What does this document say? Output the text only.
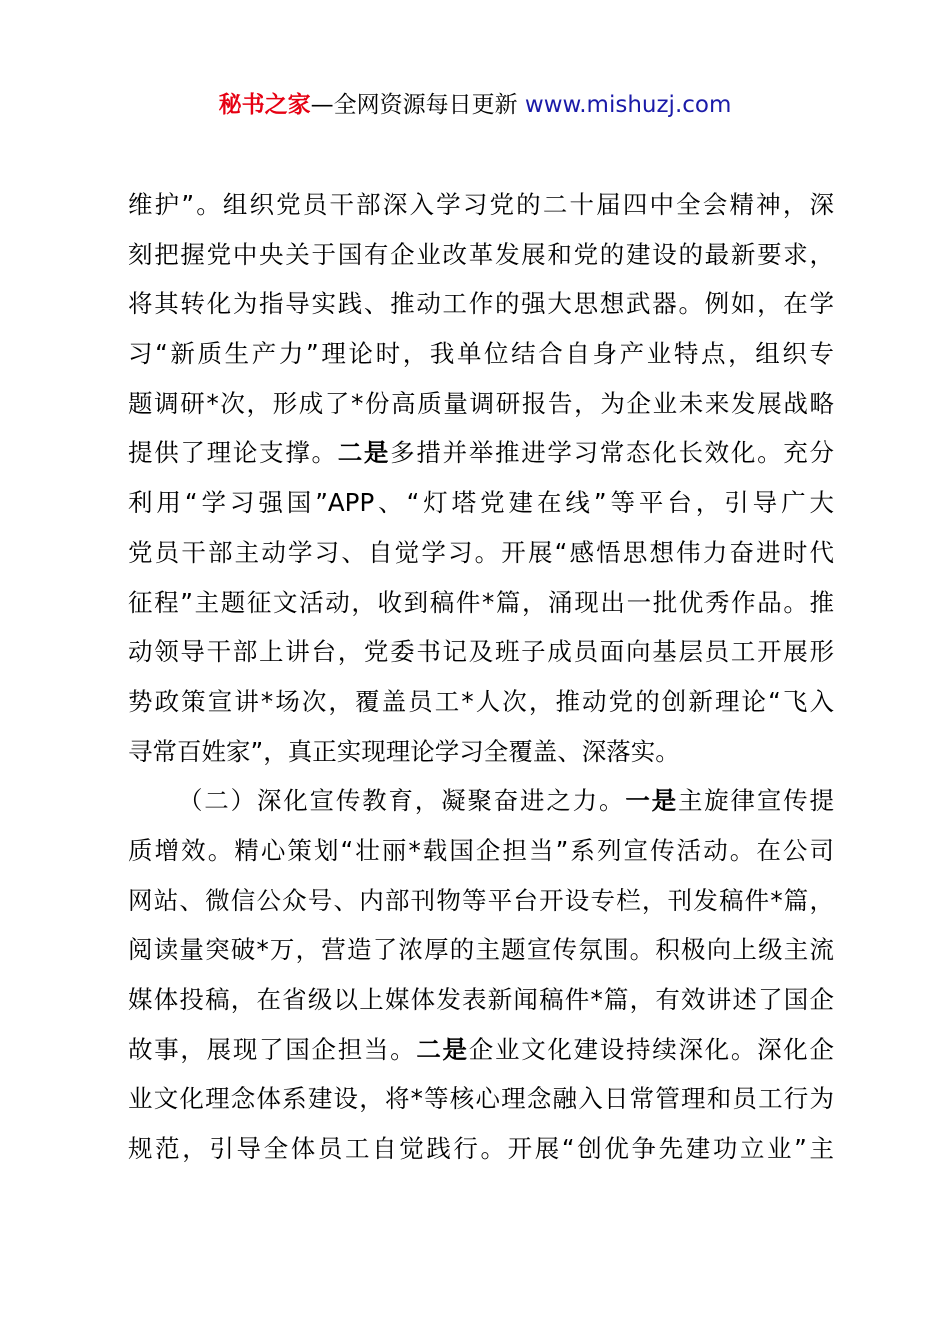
秘书之家—全网资源每日更新 www.mishuzj.com
维护”。组织党员干部深入学习党的二十届四中全会精神，深
刻把握党中央关于国有企业改革发展和党的建设的最新要求，
将其转化为指导实践、推动工作的强大思想武器。例如，在学
习“新质生产力”理论时，我单位结合自身产业特点，组织专
题调研*次，形成了*份高质量调研报告，为企业未来发展战略
提供了理论支撑。二是多措并举推进学习常态化长效化。充分
利用“学习强国”APP、“灯塔党建在线”等平台，引导广大
党员干部主动学习、自觉学习。开展“感悟思想伟力奋进时代
征程”主题征文活动，收到稿件*篇，涌现出一批优秀作品。推
动领导干部上讲台，党委书记及班子成员面向基层员工开展形
势政策宣讲*场次，覆盖员工*人次，推动党的创新理论“飞入
寻常百姓家”，真正实现理论学习全覆盖、深落实。
（二）深化宣传教育，凝聚奋进之力。一是主旋律宣传提
质增效。精心策划“壮丽*载国企担当”系列宣传活动。在公司
网站、微信公众号、内部刊物等平台开设专栏，刊发稿件*篇，
阅读量突破*万，营造了浓厚的主题宣传氛围。积极向上级主流
媒体投稿，在省级以上媒体发表新闻稿件*篇，有效讲述了国企
故事，展现了国企担当。二是企业文化建设持续深化。深化企
业文化理念体系建设，将*等核心理念融入日常管理和员工行为
规范，引导全体员工自觉践行。开展“创优争先建功立业”主
